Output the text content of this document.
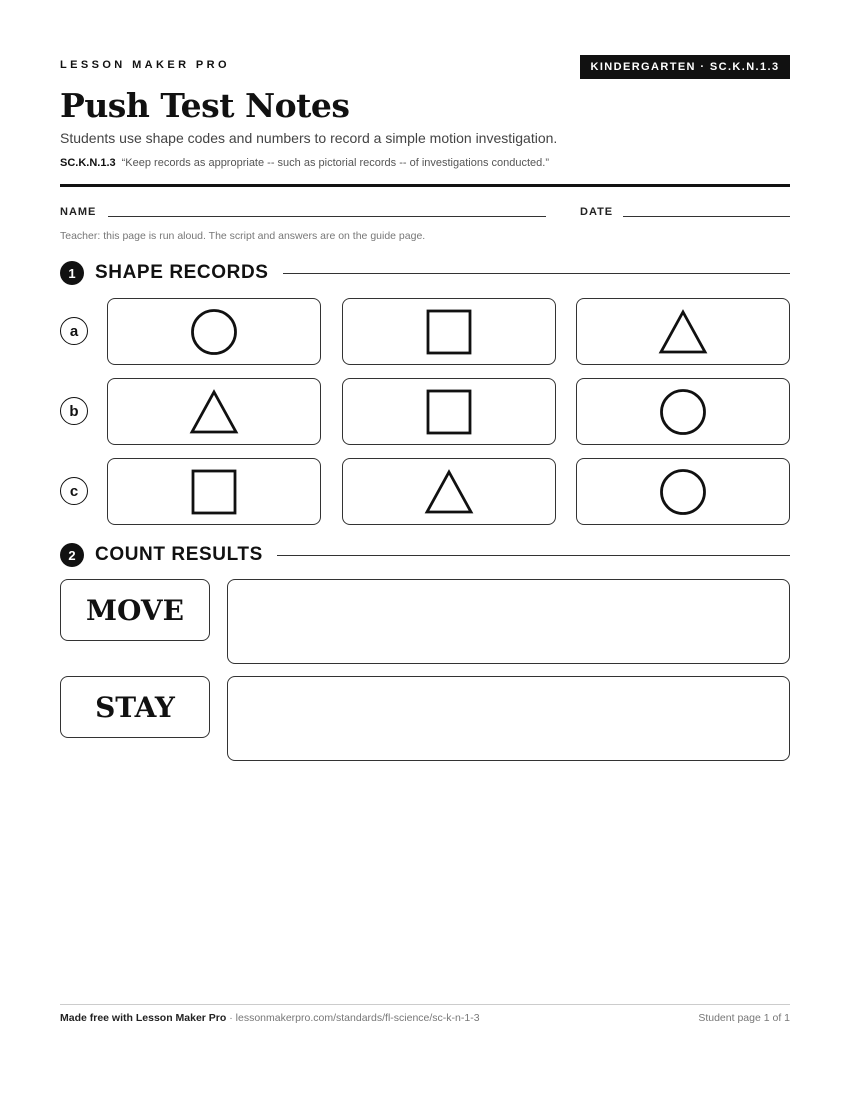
LESSON MAKER PRO	KINDERGARTEN · SC.K.N.1.3
Push Test Notes
Students use shape codes and numbers to record a simple motion investigation.
SC.K.N.1.3 “Keep records as appropriate -- such as pictorial records -- of investigations conducted.”
NAME	DATE
Teacher: this page is run aloud. The script and answers are on the guide page.
1	SHAPE RECORDS
a
b
c
2	COUNT RESULTS
MOVE
STAY
Made free with Lesson Maker Pro · lessonmakerpro.com/standards/fl-science/sc-k-n-1-3	Student page 1 of 1
